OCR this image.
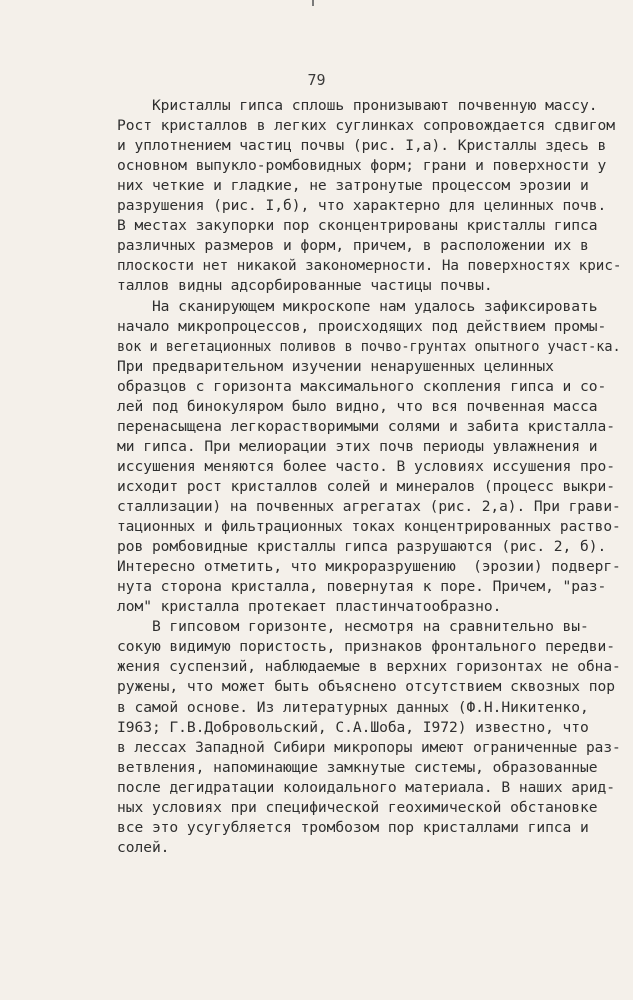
79
Кристаллы гипса сплошь пронизывают почвенную массу.
Рост кристаллов в легких суглинках сопровождается сдвигом
и уплотнением частиц почвы (рис. I,а). Кристаллы здесь в
основном выпукло-ромбовидных форм; грани и поверхности у
них четкие и гладкие, не затронутые процессом эрозии и
разрушения (рис. I,б), что характерно для целинных почв.
В местах закупорки пор сконцентрированы кристаллы гипса
различных размеров и форм, причем, в расположении их в
плоскости нет никакой закономерности. На поверхностях крис-
таллов видны адсорбированные частицы почвы.
На сканирующем микроскопе нам удалось зафиксировать
начало микропроцессов, происходящих под действием промы-
вок и вегетационных поливов в почво-грунтах опытного участ-ка.
При предварительном изучении ненарушенных целинных
образцов с горизонта максимального скопления гипса и со-
лей под бинокуляром было видно, что вся почвенная масса
перенасыщена легкорастворимыми солями и забита кристалла-
ми гипса. При мелиорации этих почв периоды увлажнения и
иссушения меняются более часто. В условиях иссушения про-
исходит рост кристаллов солей и минералов (процесс выкри-
сталлизации) на почвенных агрегатах (рис. 2,а). При грави-
тационных и фильтрационных токах концентрированных раство-
ров ромбовидные кристаллы гипса разрушаются (рис. 2, б).
Интересно отметить, что микроразрушению  (эрозии) подверг-
нута сторона кристалла, повернутая к поре. Причем, "раз-
лом" кристалла протекает пластинчатообразно.
В гипсовом горизонте, несмотря на сравнительно вы-
сокую видимую пористость, признаков фронтального передви-
жения суспензий, наблюдаемые в верхних горизонтах не обна-
ружены, что может быть объяснено отсутствием сквозных пор
в самой основе. Из литературных данных (Ф.Н.Никитенко,
I963; Г.В.Добровольский, С.А.Шоба, I972) известно, что
в лессах Западной Сибири микропоры имеют ограниченные раз-
ветвления, напоминающие замкнутые системы, образованные
после дегидратации колоидального материала. В наших арид-
ных условиях при специфической геохимической обстановке
все это усугубляется тромбозом пор кристаллами гипса и
солей.
